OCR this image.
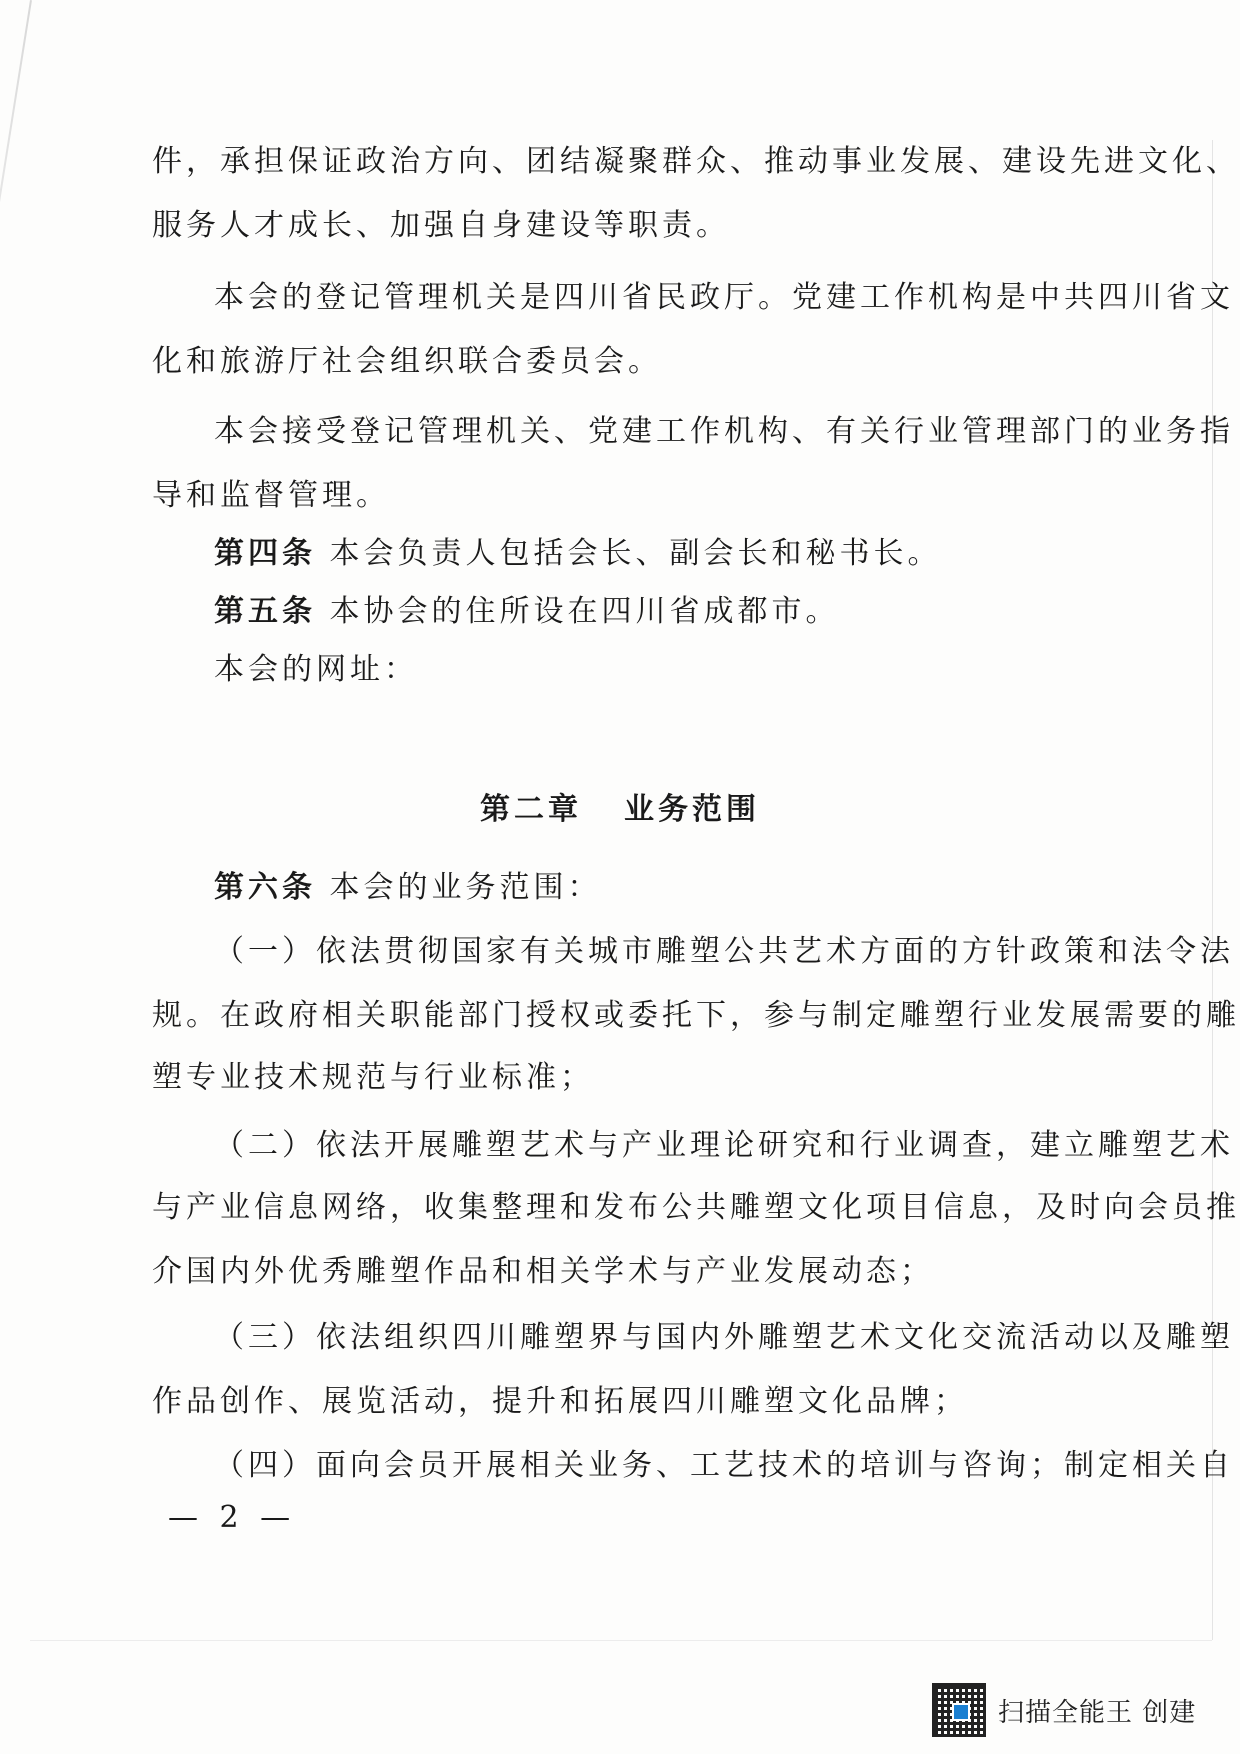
件，承担保证政治方向、团结凝聚群众、推动事业发展、建设先进文化、
服务人才成长、加强自身建设等职责。
本会的登记管理机关是四川省民政厅。党建工作机构是中共四川省文
化和旅游厅社会组织联合委员会。
本会接受登记管理机关、党建工作机构、有关行业管理部门的业务指
导和监督管理。
第四条 本会负责人包括会长、副会长和秘书长。
第五条 本协会的住所设在四川省成都市。
本会的网址：
第二章 业务范围
第六条 本会的业务范围：
（一）依法贯彻国家有关城市雕塑公共艺术方面的方针政策和法令法
规。在政府相关职能部门授权或委托下，参与制定雕塑行业发展需要的雕
塑专业技术规范与行业标准；
（二）依法开展雕塑艺术与产业理论研究和行业调查，建立雕塑艺术
与产业信息网络，收集整理和发布公共雕塑文化项目信息，及时向会员推
介国内外优秀雕塑作品和相关学术与产业发展动态；
（三）依法组织四川雕塑界与国内外雕塑艺术文化交流活动以及雕塑
作品创作、展览活动，提升和拓展四川雕塑文化品牌；
（四）面向会员开展相关业务、工艺技术的培训与咨询；制定相关自
— 2 —
扫描全能王 创建
